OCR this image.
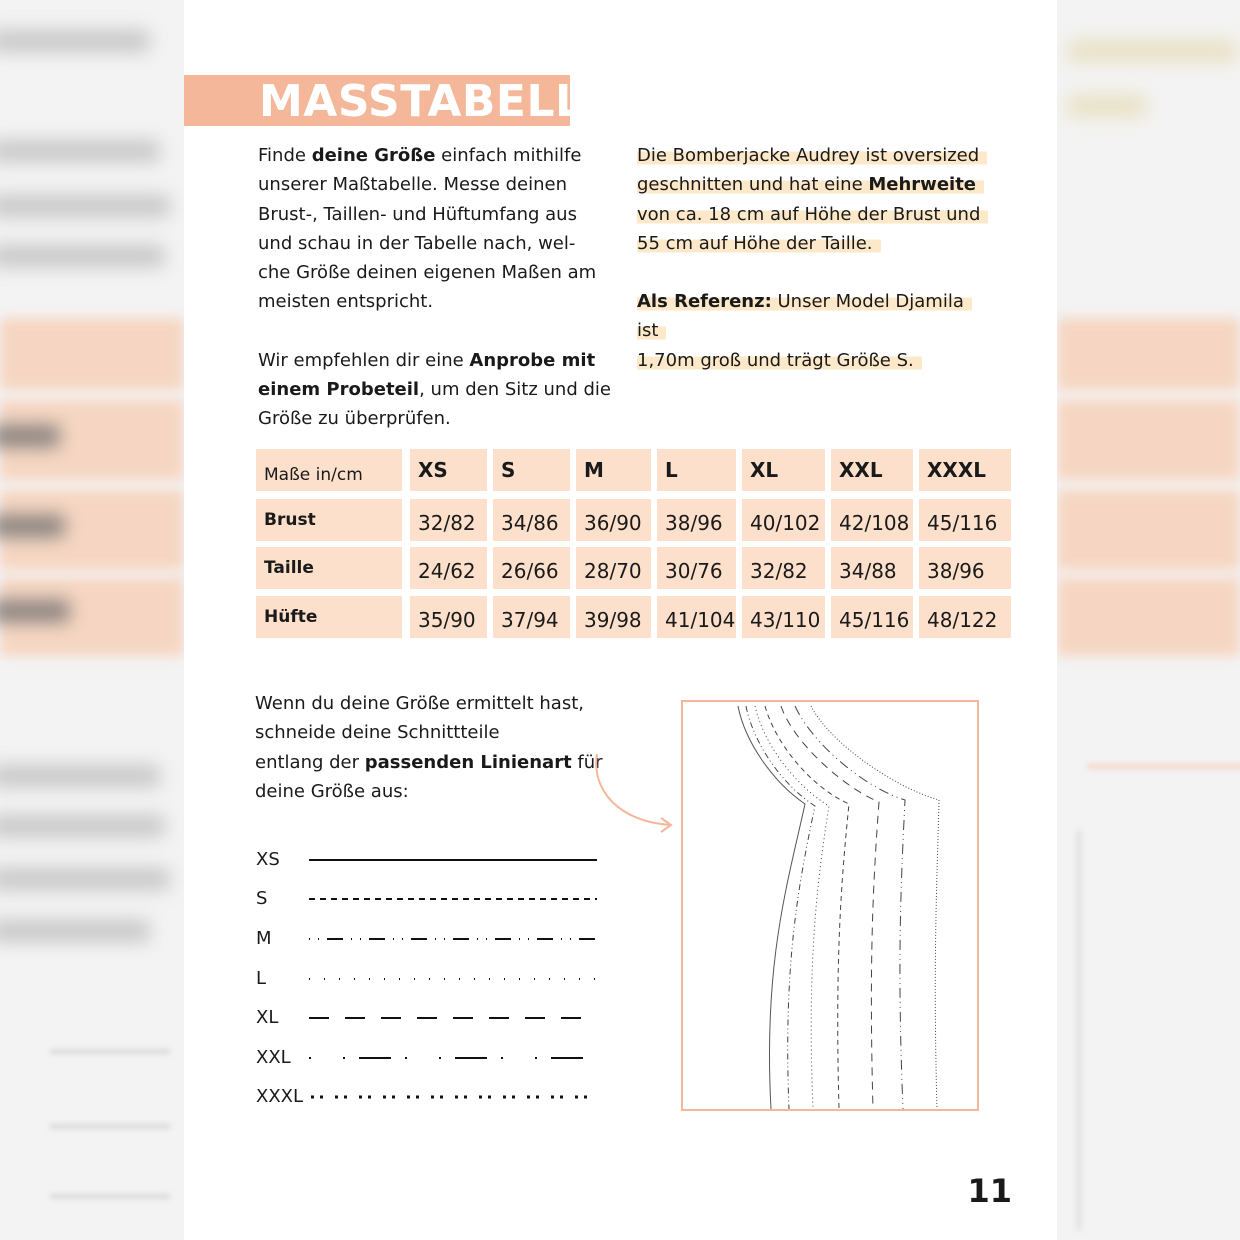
MASSTABELLE
Finde deine Größe einfach mithilfe
unserer Maßtabelle. Messe deinen
Brust-, Taillen- und Hüftumfang aus
und schau in der Tabelle nach, wel-
che Größe deinen eigenen Maßen am
meisten entspricht.
Wir empfehlen dir eine Anprobe mit
einem Probeteil, um den Sitz und die
Größe zu überprüfen.
Die Bomberjacke Audrey ist oversized
geschnitten und hat eine Mehrweite
von ca. 18 cm auf Höhe der Brust und
55 cm auf Höhe der Taille.
Als Referenz: Unser Model Djamila ist
1,70m groß und trägt Größe S.
Maße in/cm	XS	S	M	L	XL	XXL	XXXL
Brust	32/82	34/86	36/90	38/96	40/102 42/108 45/116
Taille	24/62	26/66	28/70	30/76	32/82	34/88	38/96
Hüfte	35/90	37/94	39/98	41/104 43/110 45/116 48/122
Wenn du deine Größe ermittelt hast,
schneide deine Schnittteile
entlang der passenden Linienart für
deine Größe aus:
XS
S
M
L
XL
XXL
XXXL
11
